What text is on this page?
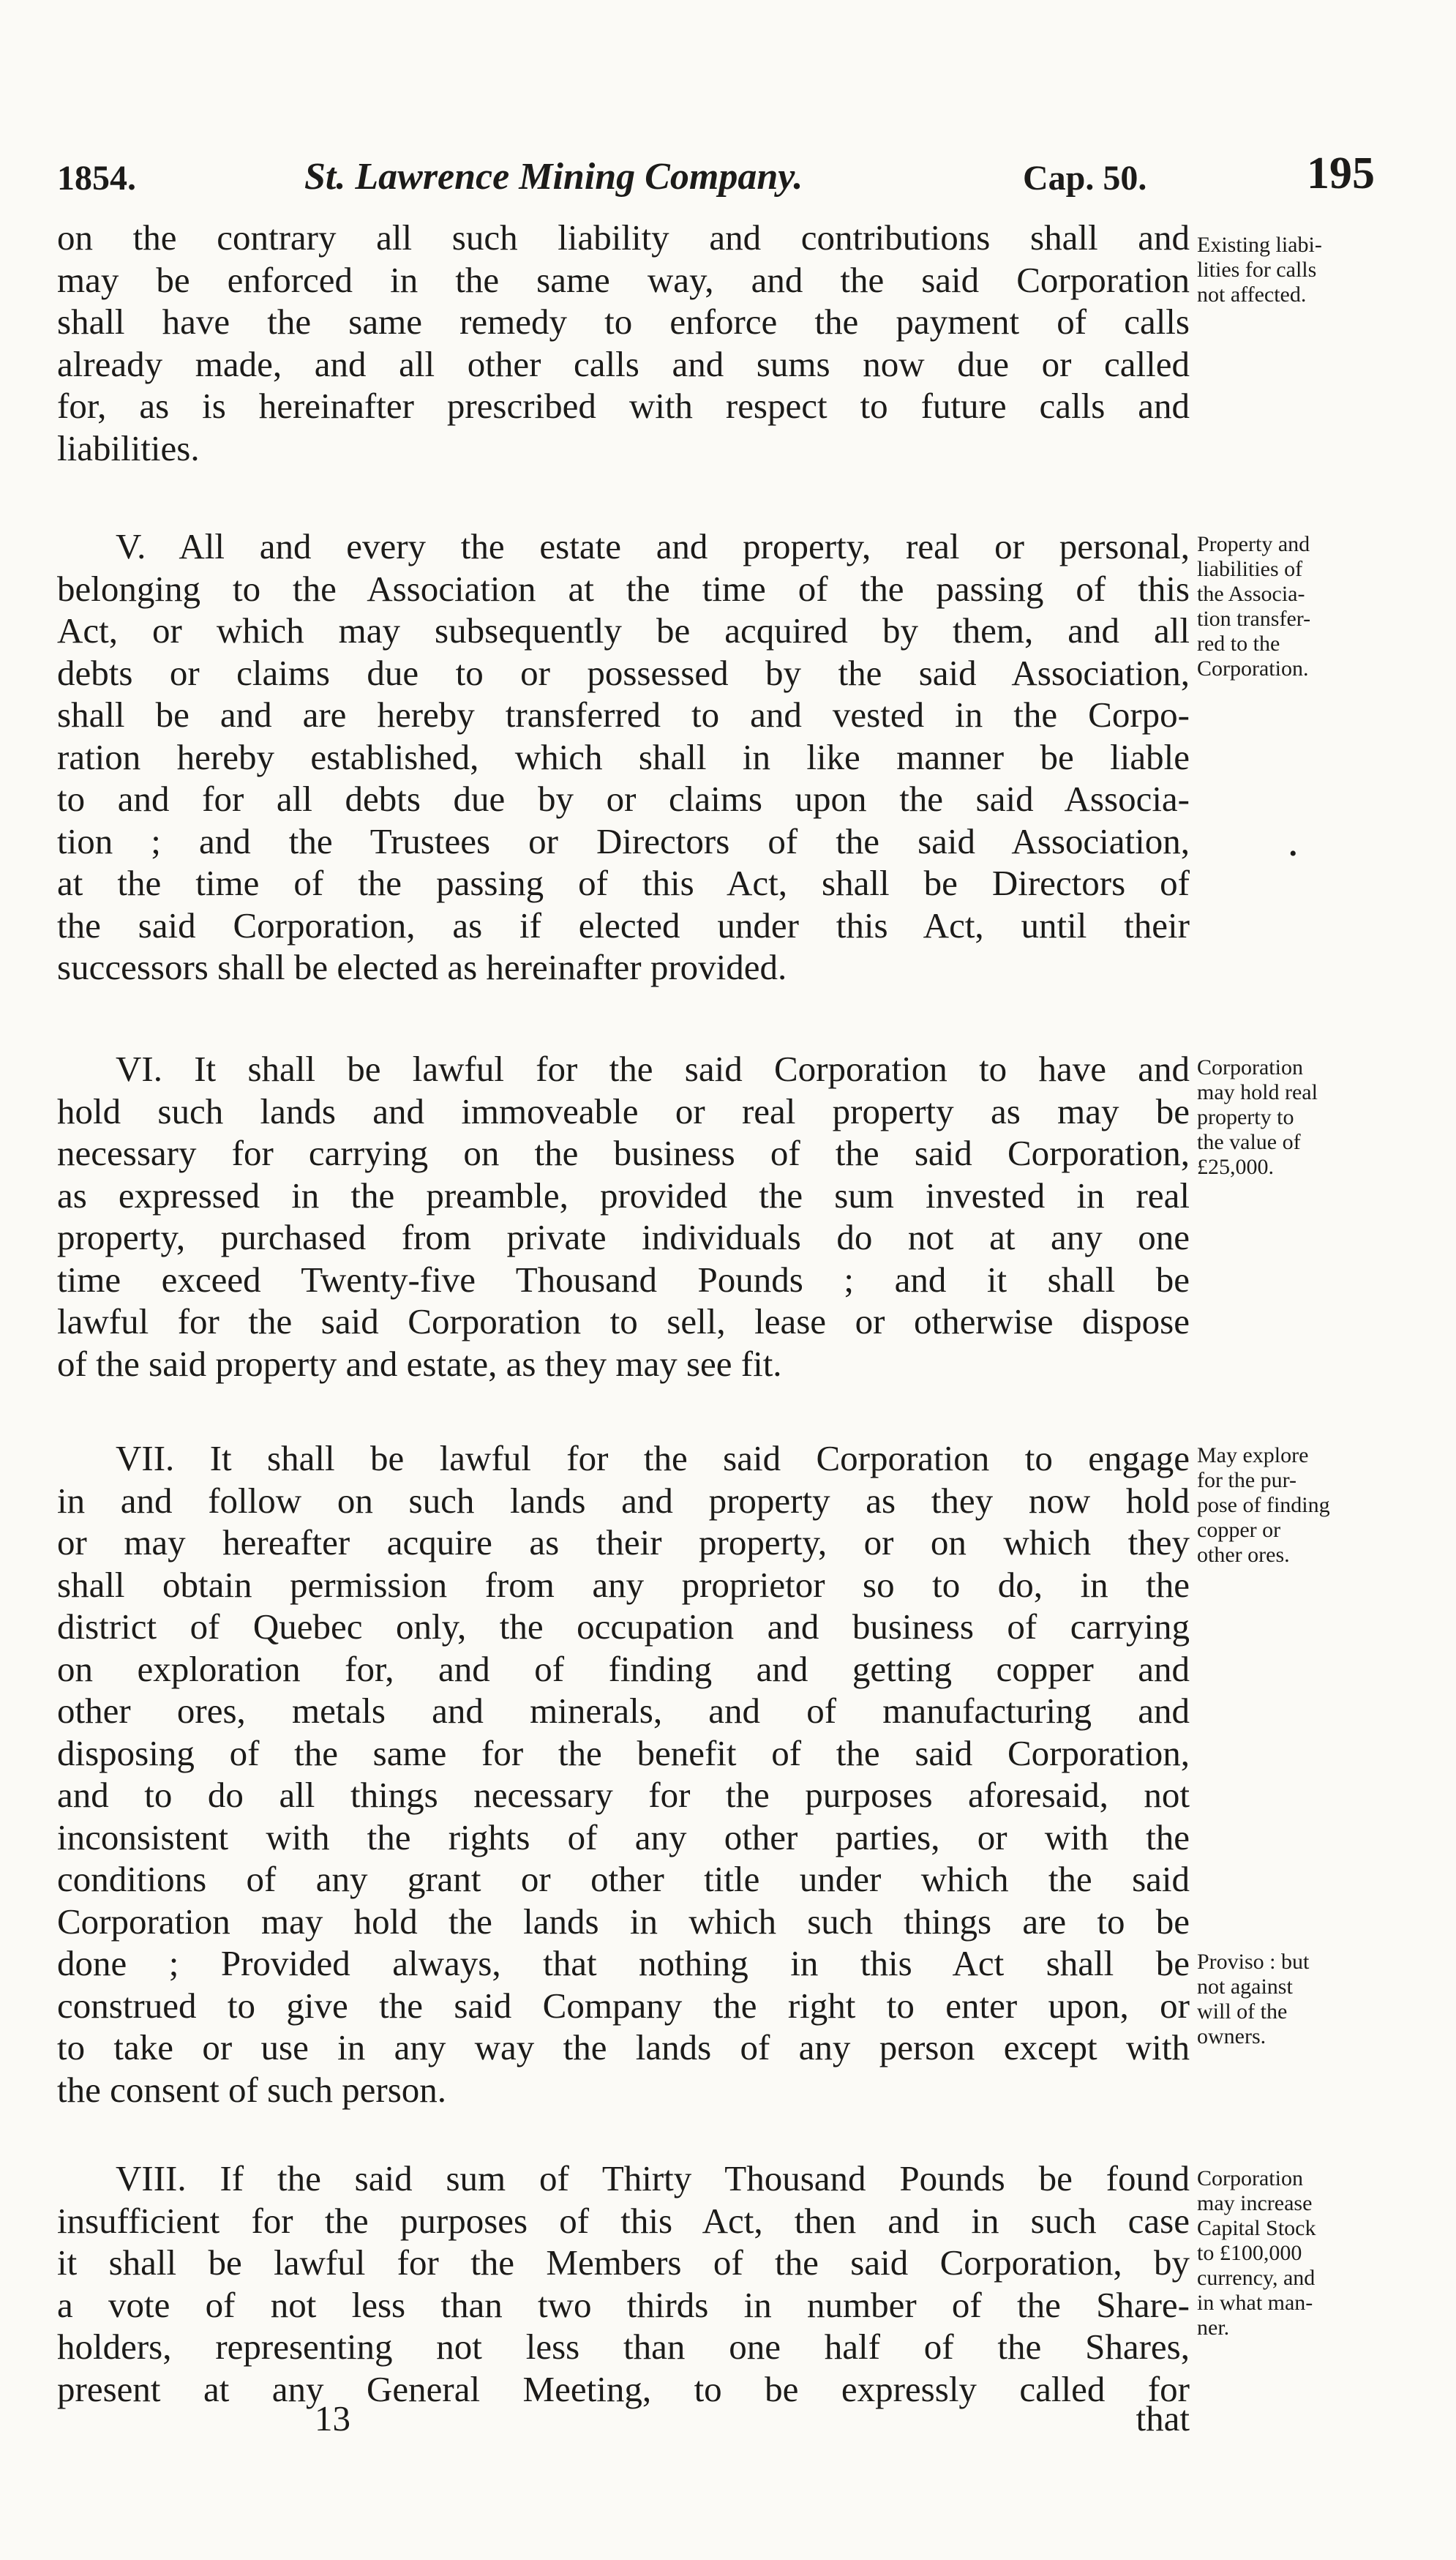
1854.	St. Lawrence Mining Company.	Cap. 50.	195
on the contrary all such liability and contributions shall and
may be enforced in the same way, and the said Corporation
shall have the same remedy to enforce the payment of calls
already made, and all other calls and sums now due or called
for, as is hereinafter prescribed with respect to future calls and
liabilities.
Existing liabi-
lities for calls
not affected.
V. All and every the estate and property, real or personal,
belonging to the Association at the time of the passing of this
Act, or which may subsequently be acquired by them, and all
debts or claims due to or possessed by the said Association,
shall be and are hereby transferred to and vested in the Corpo-
ration hereby established, which shall in like manner be liable
to and for all debts due by or claims upon the said Associa-
tion ; and the Trustees or Directors of the said Association,
at the time of the passing of this Act, shall be Directors of
the said Corporation, as if elected under this Act, until their
successors shall be elected as hereinafter provided.
Property and
liabilities of
the Associa-
tion transfer-
red to the
Corporation.
•
VI. It shall be lawful for the said Corporation to have and
hold such lands and immoveable or real property as may be
necessary for carrying on the business of the said Corporation,
as expressed in the preamble, provided the sum invested in real
property, purchased from private individuals do not at any one
time exceed Twenty-five Thousand Pounds ; and it shall be
lawful for the said Corporation to sell, lease or otherwise dispose
of the said property and estate, as they may see fit.
Corporation
may hold real
property to
the value of
£25,000.
VII. It shall be lawful for the said Corporation to engage
in and follow on such lands and property as they now hold
or may hereafter acquire as their property, or on which they
shall obtain permission from any proprietor so to do, in the
district of Quebec only, the occupation and business of carrying
on exploration for, and of finding and getting copper and
other ores, metals and minerals, and of manufacturing and
disposing of the same for the benefit of the said Corporation,
and to do all things necessary for the purposes aforesaid, not
inconsistent with the rights of any other parties, or with the
conditions of any grant or other title under which the said
Corporation may hold the lands in which such things are to be
done ; Provided always, that nothing in this Act shall be
construed to give the said Company the right to enter upon, or
to take or use in any way the lands of any person except with
the consent of such person.
May explore
for the pur-
pose of finding
copper or
other ores.
Proviso : but
not against
will of the
owners.
VIII. If the said sum of Thirty Thousand Pounds be found
insufficient for the purposes of this Act, then and in such case
it shall be lawful for the Members of the said Corporation, by
a vote of not less than two thirds in number of the Share-
holders, representing not less than one half of the Shares,
present at any General Meeting, to be expressly called for
Corporation
may increase
Capital Stock
to £100,000
currency, and
in what man-
ner.
13	that
